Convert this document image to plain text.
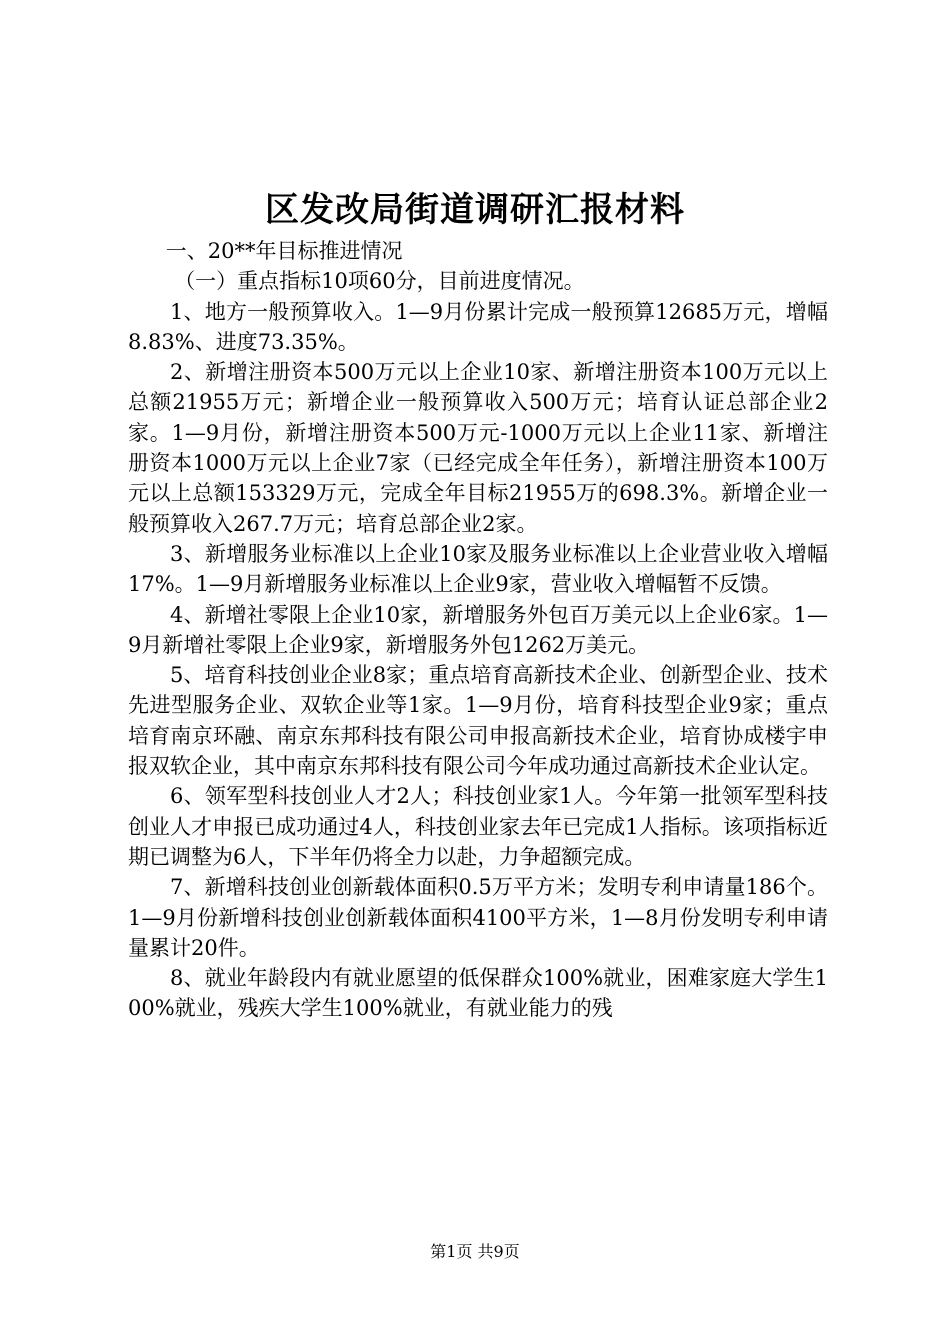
区发改局街道调研汇报材料

一、20**年目标推进情况

（一）重点指标10项60分，目前进度情况。

1、地方一般预算收入。1—9月份累计完成一般预算12685万元，增幅8.83%、进度73.35%。

2、新增注册资本500万元以上企业10家、新增注册资本100万元以上总额21955万元；新增企业一般预算收入500万元；培育认证总部企业2家。1—9月份，新增注册资本500万元-1000万元以上企业11家、新增注册资本1000万元以上企业7家（已经完成全年任务），新增注册资本100万元以上总额153329万元，完成全年目标21955万的698.3%。新增企业一般预算收入267.7万元；培育总部企业2家。

3、新增服务业标准以上企业10家及服务业标准以上企业营业收入增幅17%。1—9月新增服务业标准以上企业9家，营业收入增幅暂不反馈。

4、新增社零限上企业10家，新增服务外包百万美元以上企业6家。1—9月新增社零限上企业9家，新增服务外包1262万美元。

5、培育科技创业企业8家；重点培育高新技术企业、创新型企业、技术先进型服务企业、双软企业等1家。1—9月份，培育科技型企业9家；重点培育南京环融、南京东邦科技有限公司申报高新技术企业，培育协成楼宇申报双软企业，其中南京东邦科技有限公司今年成功通过高新技术企业认定。

6、领军型科技创业人才2人；科技创业家1人。今年第一批领军型科技创业人才申报已成功通过4人，科技创业家去年已完成1人指标。该项指标近期已调整为6人，下半年仍将全力以赴，力争超额完成。

7、新增科技创业创新载体面积0.5万平方米；发明专利申请量186个。1—9月份新增科技创业创新载体面积4100平方米，1—8月份发明专利申请量累计20件。

8、就业年龄段内有就业愿望的低保群众100%就业，困难家庭大学生100%就业，残疾大学生100%就业，有就业能力的残

第1页 共9页
